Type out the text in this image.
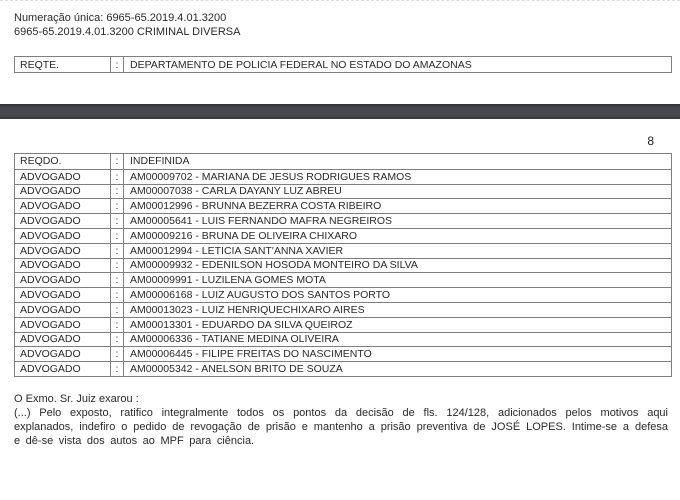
Numeração única: 6965-65.2019.4.01.3200
6965-65.2019.4.01.3200 CRIMINAL DIVERSA
REQTE.	:	DEPARTAMENTO DE POLICIA FEDERAL NO ESTADO DO AMAZONAS
8
REQDO.	:	INDEFINIDA
ADVOGADO	:	AM00009702 - MARIANA DE JESUS RODRIGUES RAMOS
ADVOGADO	:	AM00007038 - CARLA DAYANY LUZ ABREU
ADVOGADO	:	AM00012996 - BRUNNA BEZERRA COSTA RIBEIRO
ADVOGADO	:	AM00005641 - LUIS FERNANDO MAFRA NEGREIROS
ADVOGADO	:	AM00009216 - BRUNA DE OLIVEIRA CHIXARO
ADVOGADO	:	AM00012994 - LETICIA SANT'ANNA XAVIER
ADVOGADO	:	AM00009932 - EDENILSON HOSODA MONTEIRO DA SILVA
ADVOGADO	:	AM00009991 - LUZILENA GOMES MOTA
ADVOGADO	:	AM00006168 - LUIZ AUGUSTO DOS SANTOS PORTO
ADVOGADO	:	AM00013023 - LUIZ HENRIQUECHIXARO AIRES
ADVOGADO	:	AM00013301 - EDUARDO DA SILVA QUEIROZ
ADVOGADO	:	AM00006336 - TATIANE MEDINA OLIVEIRA
ADVOGADO	:	AM00006445 - FILIPE FREITAS DO NASCIMENTO
ADVOGADO	:	AM00005342 - ANELSON BRITO DE SOUZA

O Exmo. Sr. Juiz exarou :

(...) Pelo exposto, ratifico integralmente todos os pontos da decisão de fls. 124/128, adicionados pelos motivos aqui explanados, indefiro o pedido de revogação de prisão e mantenho a prisão preventiva de JOSÉ LOPES. Intime-se a defesa e dê-se vista dos autos ao MPF para ciência.
